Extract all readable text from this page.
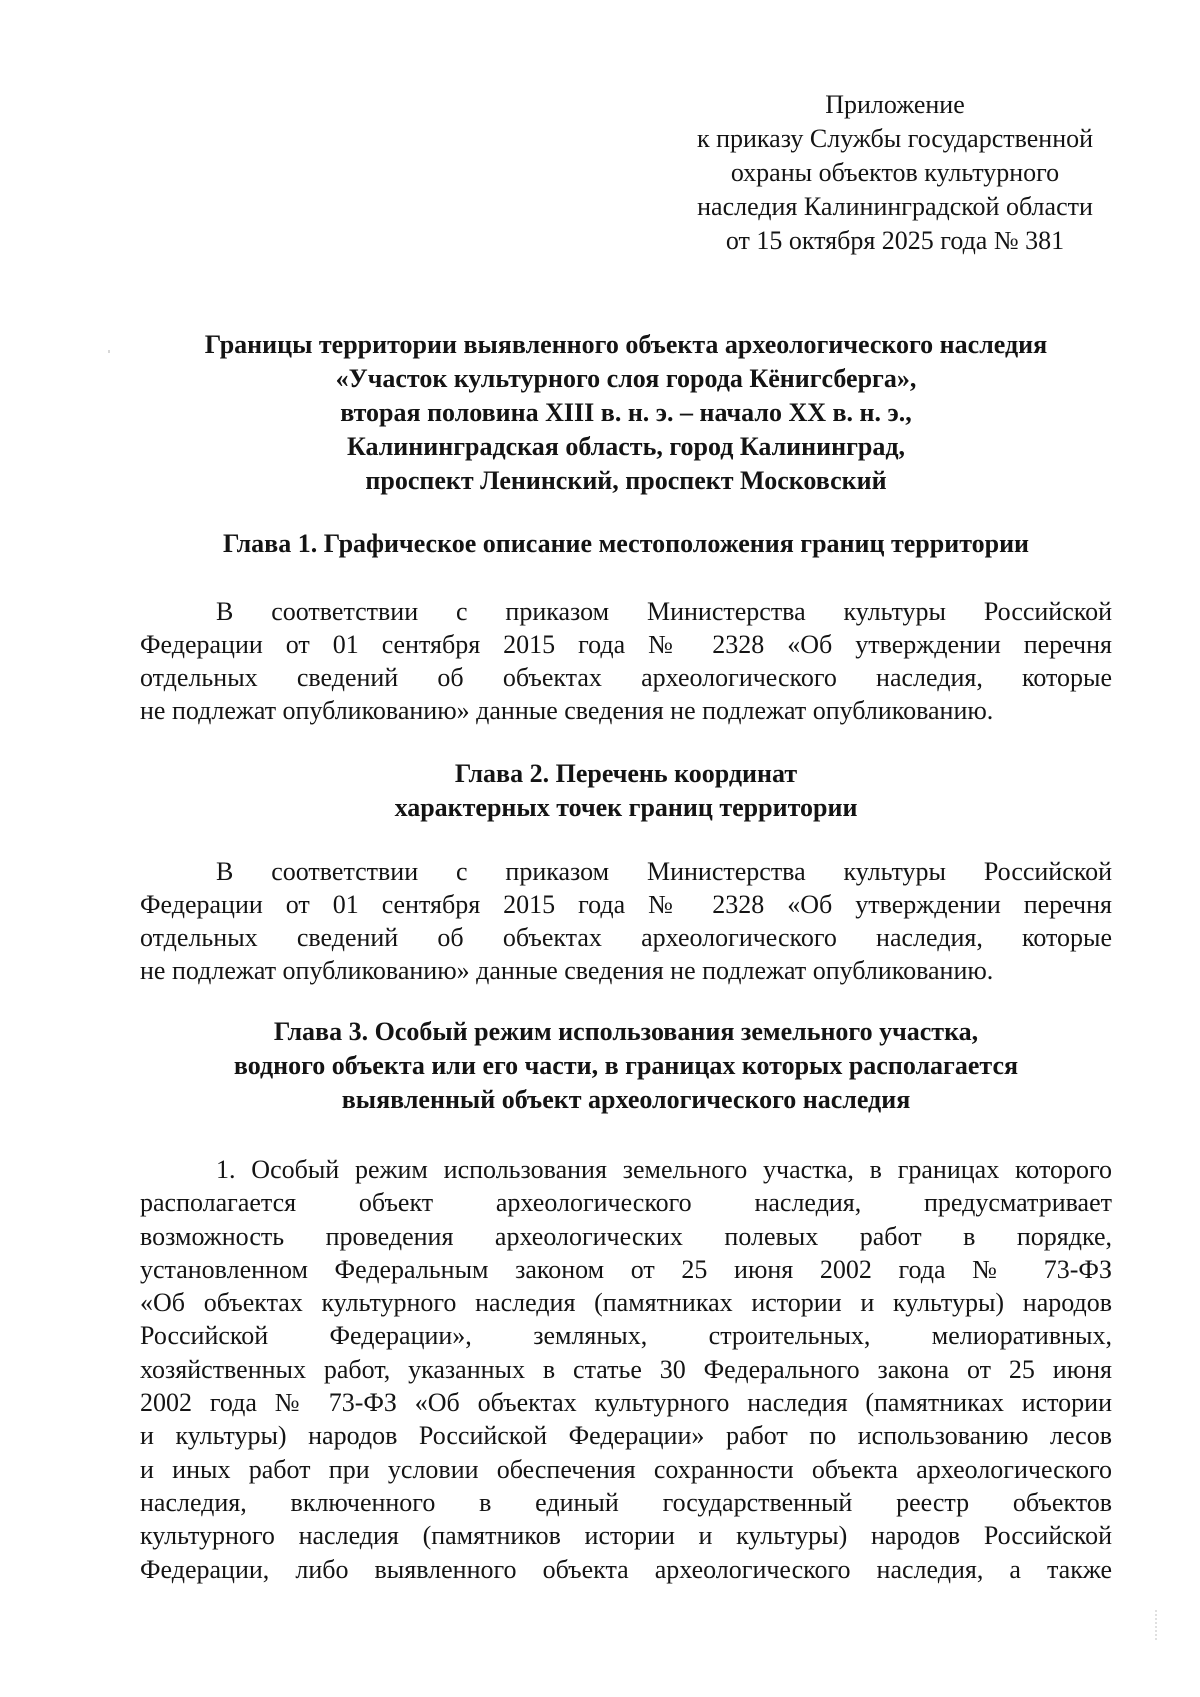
Приложение
к приказу Службы государственной
охраны объектов культурного
наследия Калининградской области
от 15 октября 2025 года № 381
Границы территории выявленного объекта археологического наследия
«Участок культурного слоя города Кёнигсберга»,
вторая половина XIII в. н. э. – начало XX в. н. э.,
Калининградская область, город Калининград,
проспект Ленинский, проспект Московский
Глава 1. Графическое описание местоположения границ территории
В соответствии с приказом Министерства культуры Российской
Федерации от 01 сентября 2015 года № 2328 «Об утверждении перечня
отдельных сведений об объектах археологического наследия, которые
не подлежат опубликованию» данные сведения не подлежат опубликованию.
Глава 2. Перечень координат
характерных точек границ территории
В соответствии с приказом Министерства культуры Российской
Федерации от 01 сентября 2015 года № 2328 «Об утверждении перечня
отдельных сведений об объектах археологического наследия, которые
не подлежат опубликованию» данные сведения не подлежат опубликованию.
Глава 3. Особый режим использования земельного участка,
водного объекта или его части, в границах которых располагается
выявленный объект археологического наследия
1. Особый режим использования земельного участка, в границах которого
располагается объект археологического наследия, предусматривает
возможность проведения археологических полевых работ в порядке,
установленном Федеральным законом от 25 июня 2002 года № 73-ФЗ
«Об объектах культурного наследия (памятниках истории и культуры) народов
Российской Федерации», земляных, строительных, мелиоративных,
хозяйственных работ, указанных в статье 30 Федерального закона от 25 июня
2002 года № 73-ФЗ «Об объектах культурного наследия (памятниках истории
и культуры) народов Российской Федерации» работ по использованию лесов
и иных работ при условии обеспечения сохранности объекта археологического
наследия, включенного в единый государственный реестр объектов
культурного наследия (памятников истории и культуры) народов Российской
Федерации, либо выявленного объекта археологического наследия, а также
